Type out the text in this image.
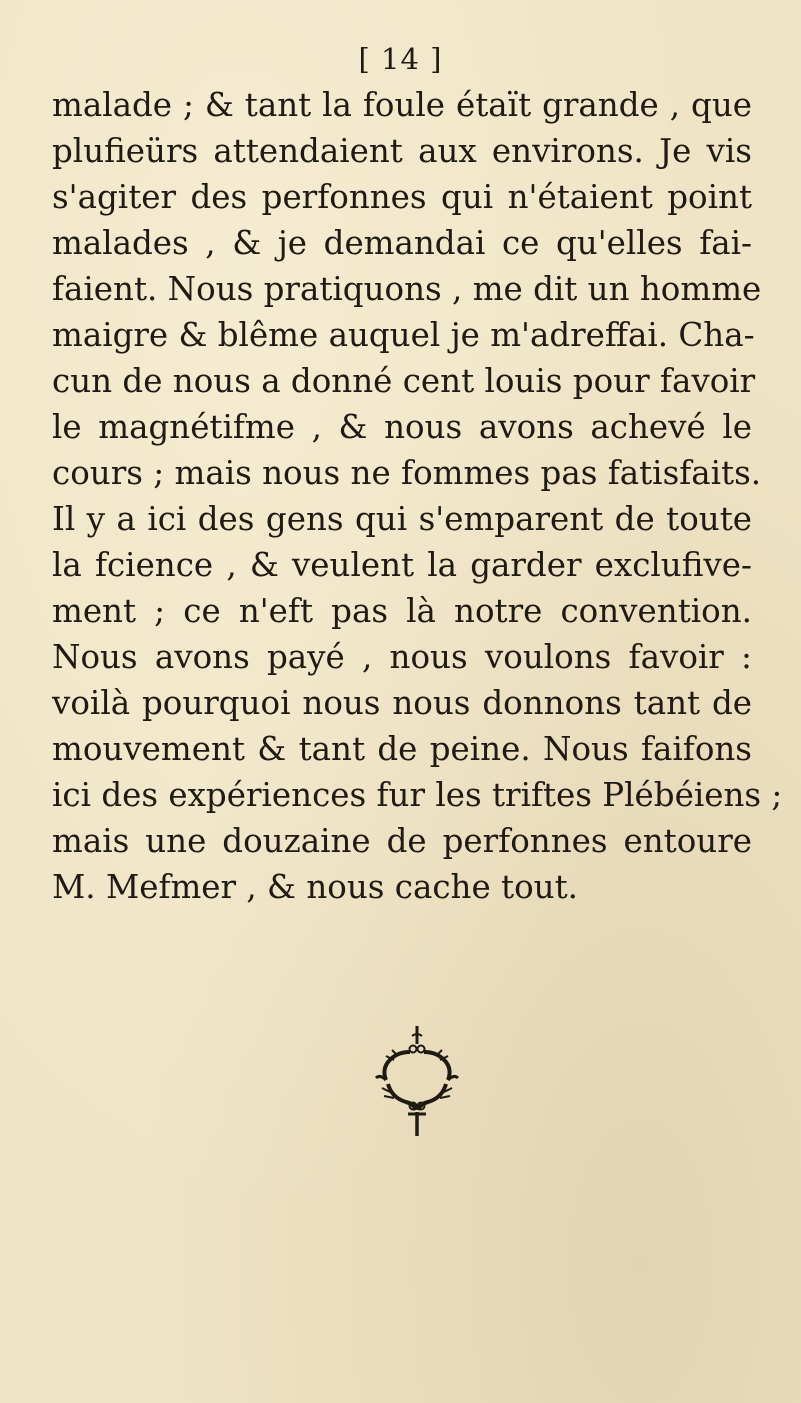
[ 14 ]
malade ; & tant la foule étaït grande , que
plufieürs attendaient aux environs. Je vis
s'agiter des perfonnes qui n'étaient point
malades , & je demandai ce qu'elles fai-
faient. Nous pratiquons , me dit un homme
maigre & blême auquel je m'adreffai. Cha-
cun de nous a donné cent louis pour favoir
le magnétifme , & nous avons achevé le
cours ; mais nous ne fommes pas fatisfaits.
Il y a ici des gens qui s'emparent de toute
la fcience , & veulent la garder exclufive-
ment ; ce n'eft pas là notre convention.
Nous avons payé , nous voulons favoir :
voilà pourquoi nous nous donnons tant de
mouvement & tant de peine. Nous faifons
ici des expériences fur les triftes Plébéiens ;
mais une douzaine de perfonnes entoure
M. Mefmer , & nous cache tout.
